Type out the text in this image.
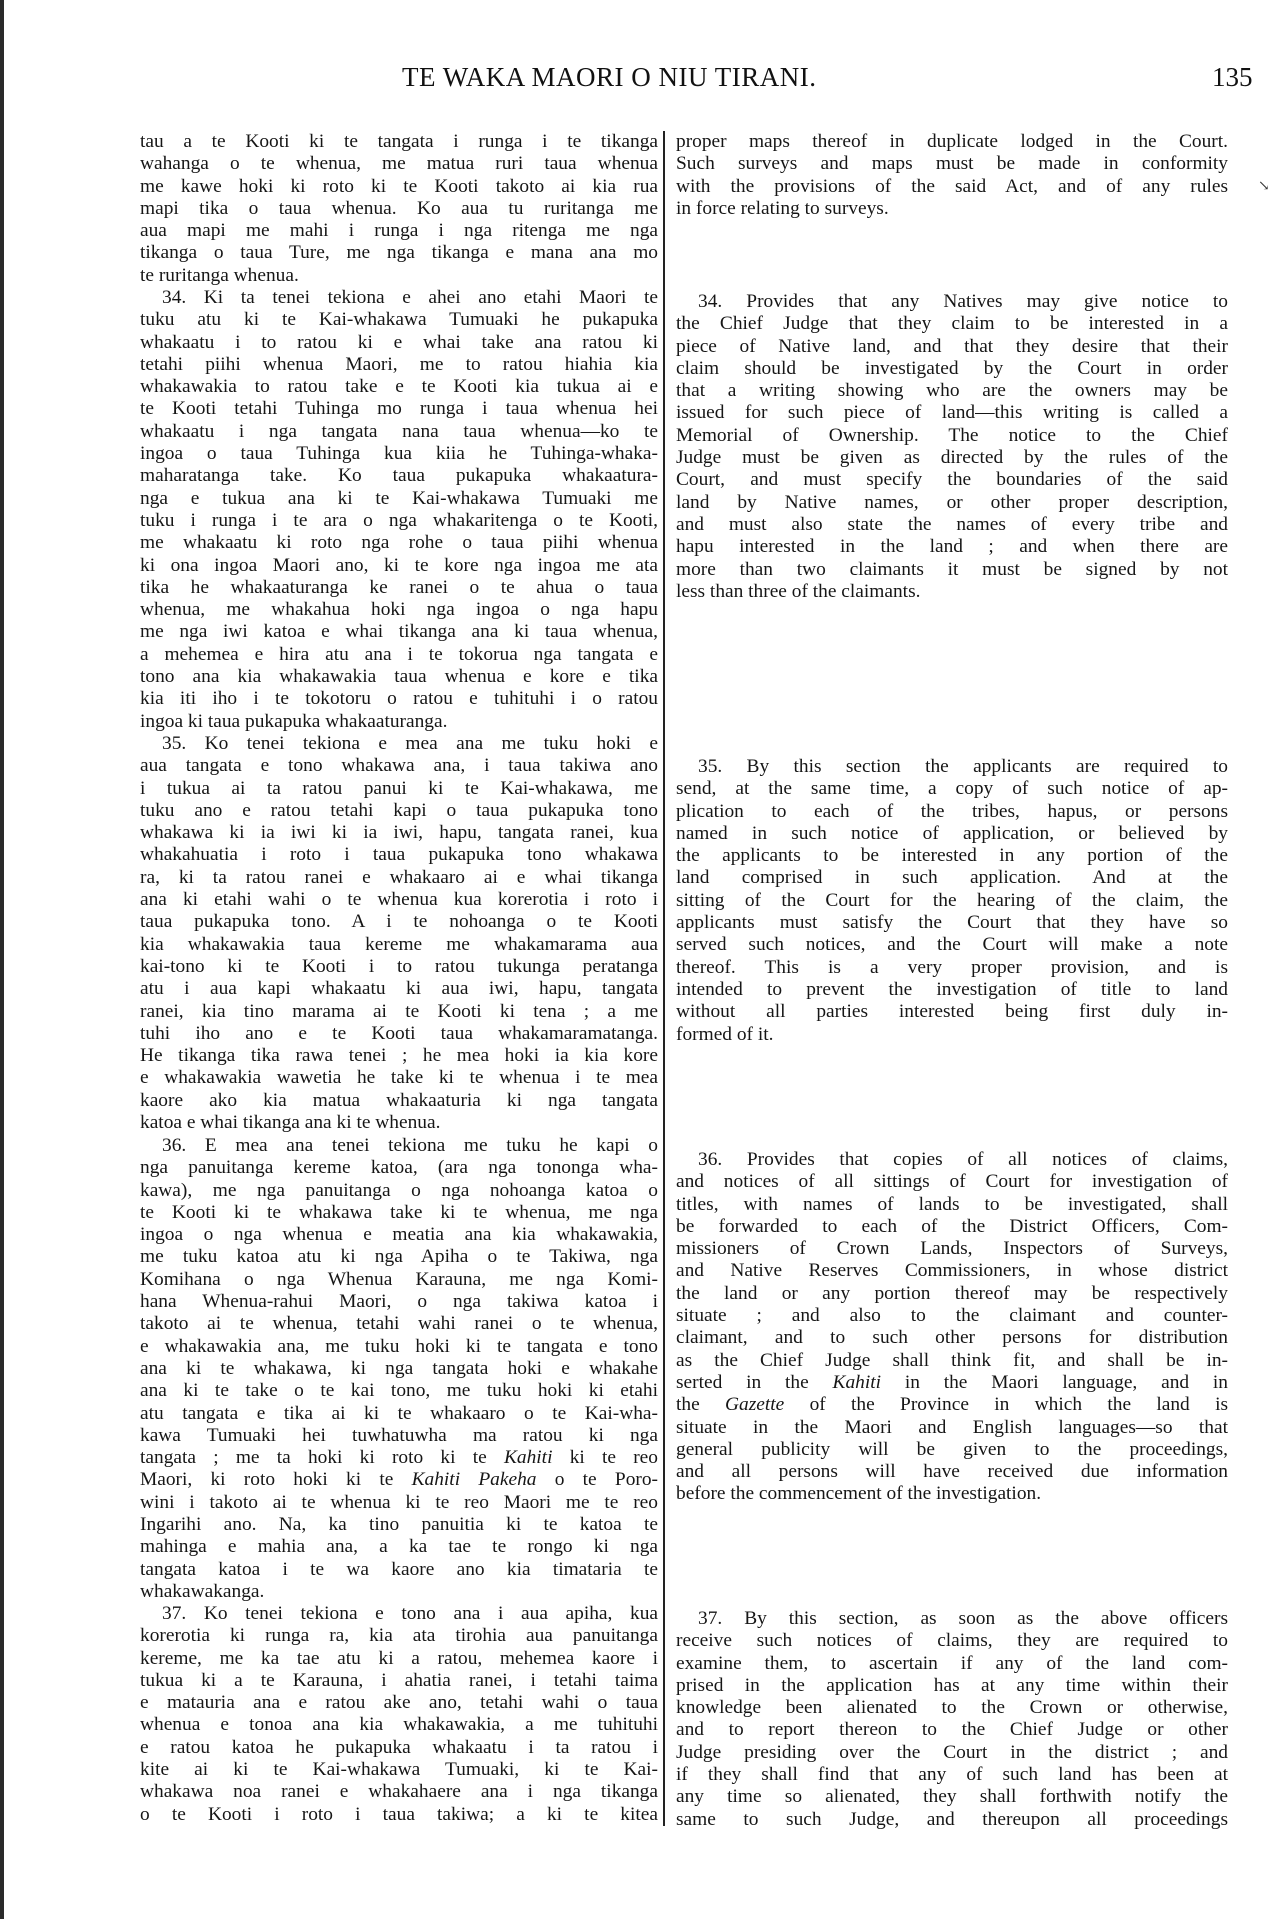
TE WAKA MAORI O NIU TIRANI.	135
↘
tau a te Kooti ki te tangata i runga i te tikanga
wahanga o te whenua, me matua ruri taua whenua
me kawe hoki ki roto ki te Kooti takoto ai kia rua
mapi tika o taua whenua. Ko aua tu ruritanga me
aua mapi me mahi i runga i nga ritenga me nga
tikanga o taua Ture, me nga tikanga e mana ana mo
te ruritanga whenua.
34. Ki ta tenei tekiona e ahei ano etahi Maori te
tuku atu ki te Kai-whakawa Tumuaki he pukapuka
whakaatu i to ratou ki e whai take ana ratou ki
tetahi piihi whenua Maori, me to ratou hiahia kia
whakawakia to ratou take e te Kooti kia tukua ai e
te Kooti tetahi Tuhinga mo runga i taua whenua hei
whakaatu i nga tangata nana taua whenua—ko te
ingoa o taua Tuhinga kua kiia he Tuhinga-whaka-
maharatanga take. Ko taua pukapuka whakaatura-
nga e tukua ana ki te Kai-whakawa Tumuaki me
tuku i runga i te ara o nga whakaritenga o te Kooti,
me whakaatu ki roto nga rohe o taua piihi whenua
ki ona ingoa Maori ano, ki te kore nga ingoa me ata
tika he whakaaturanga ke ranei o te ahua o taua
whenua, me whakahua hoki nga ingoa o nga hapu
me nga iwi katoa e whai tikanga ana ki taua whenua,
a mehemea e hira atu ana i te tokorua nga tangata e
tono ana kia whakawakia taua whenua e kore e tika
kia iti iho i te tokotoru o ratou e tuhituhi i o ratou
ingoa ki taua pukapuka whakaaturanga.
35. Ko tenei tekiona e mea ana me tuku hoki e
aua tangata e tono whakawa ana, i taua takiwa ano
i tukua ai ta ratou panui ki te Kai-whakawa, me
tuku ano e ratou tetahi kapi o taua pukapuka tono
whakawa ki ia iwi ki ia iwi, hapu, tangata ranei, kua
whakahuatia i roto i taua pukapuka tono whakawa
ra, ki ta ratou ranei e whakaaro ai e whai tikanga
ana ki etahi wahi o te whenua kua korerotia i roto i
taua pukapuka tono. A i te nohoanga o te Kooti
kia whakawakia taua kereme me whakamarama aua
kai-tono ki te Kooti i to ratou tukunga peratanga
atu i aua kapi whakaatu ki aua iwi, hapu, tangata
ranei, kia tino marama ai te Kooti ki tena ; a me
tuhi iho ano e te Kooti taua whakamaramatanga.
He tikanga tika rawa tenei ; he mea hoki ia kia kore
e whakawakia wawetia he take ki te whenua i te mea
kaore ako kia matua whakaaturia ki nga tangata
katoa e whai tikanga ana ki te whenua.
36. E mea ana tenei tekiona me tuku he kapi o
nga panuitanga kereme katoa, (ara nga tononga wha-
kawa), me nga panuitanga o nga nohoanga katoa o
te Kooti ki te whakawa take ki te whenua, me nga
ingoa o nga whenua e meatia ana kia whakawakia,
me tuku katoa atu ki nga Apiha o te Takiwa, nga
Komihana o nga Whenua Karauna, me nga Komi-
hana Whenua-rahui Maori, o nga takiwa katoa i
takoto ai te whenua, tetahi wahi ranei o te whenua,
e whakawakia ana, me tuku hoki ki te tangata e tono
ana ki te whakawa, ki nga tangata hoki e whakahe
ana ki te take o te kai tono, me tuku hoki ki etahi
atu tangata e tika ai ki te whakaaro o te Kai-wha-
kawa Tumuaki hei tuwhatuwha ma ratou ki nga
tangata ; me ta hoki ki roto ki te Kahiti ki te reo
Maori, ki roto hoki ki te Kahiti Pakeha o te Poro-
wini i takoto ai te whenua ki te reo Maori me te reo
Ingarihi ano. Na, ka tino panuitia ki te katoa te
mahinga e mahia ana, a ka tae te rongo ki nga
tangata katoa i te wa kaore ano kia timataria te
whakawakanga.
37. Ko tenei tekiona e tono ana i aua apiha, kua
korerotia ki runga ra, kia ata tirohia aua panuitanga
kereme, me ka tae atu ki a ratou, mehemea kaore i
tukua ki a te Karauna, i ahatia ranei, i tetahi taima
e matauria ana e ratou ake ano, tetahi wahi o taua
whenua e tonoa ana kia whakawakia, a me tuhituhi
e ratou katoa he pukapuka whakaatu i ta ratou i
kite ai ki te Kai-whakawa Tumuaki, ki te Kai-
whakawa noa ranei e whakahaere ana i nga tikanga
o te Kooti i roto i taua takiwa; a ki te kitea
proper maps thereof in duplicate lodged in the Court.
Such surveys and maps must be made in conformity
with the provisions of the said Act, and of any rules
in force relating to surveys.
34. Provides that any Natives may give notice to
the Chief Judge that they claim to be interested in a
piece of Native land, and that they desire that their
claim should be investigated by the Court in order
that a writing showing who are the owners may be
issued for such piece of land—this writing is called a
Memorial of Ownership. The notice to the Chief
Judge must be given as directed by the rules of the
Court, and must specify the boundaries of the said
land by Native names, or other proper description,
and must also state the names of every tribe and
hapu interested in the land ; and when there are
more than two claimants it must be signed by not
less than three of the claimants.
35. By this section the applicants are required to
send, at the same time, a copy of such notice of ap-
plication to each of the tribes, hapus, or persons
named in such notice of application, or believed by
the applicants to be interested in any portion of the
land comprised in such application. And at the
sitting of the Court for the hearing of the claim, the
applicants must satisfy the Court that they have so
served such notices, and the Court will make a note
thereof. This is a very proper provision, and is
intended to prevent the investigation of title to land
without all parties interested being first duly in-
formed of it.
36. Provides that copies of all notices of claims,
and notices of all sittings of Court for investigation of
titles, with names of lands to be investigated, shall
be forwarded to each of the District Officers, Com-
missioners of Crown Lands, Inspectors of Surveys,
and Native Reserves Commissioners, in whose district
the land or any portion thereof may be respectively
situate ; and also to the claimant and counter-
claimant, and to such other persons for distribution
as the Chief Judge shall think fit, and shall be in-
serted in the Kahiti in the Maori language, and in
the Gazette of the Province in which the land is
situate in the Maori and English languages—so that
general publicity will be given to the proceedings,
and all persons will have received due information
before the commencement of the investigation.
37. By this section, as soon as the above officers
receive such notices of claims, they are required to
examine them, to ascertain if any of the land com-
prised in the application has at any time within their
knowledge been alienated to the Crown or otherwise,
and to report thereon to the Chief Judge or other
Judge presiding over the Court in the district ; and
if they shall find that any of such land has been at
any time so alienated, they shall forthwith notify the
same to such Judge, and thereupon all proceedings
